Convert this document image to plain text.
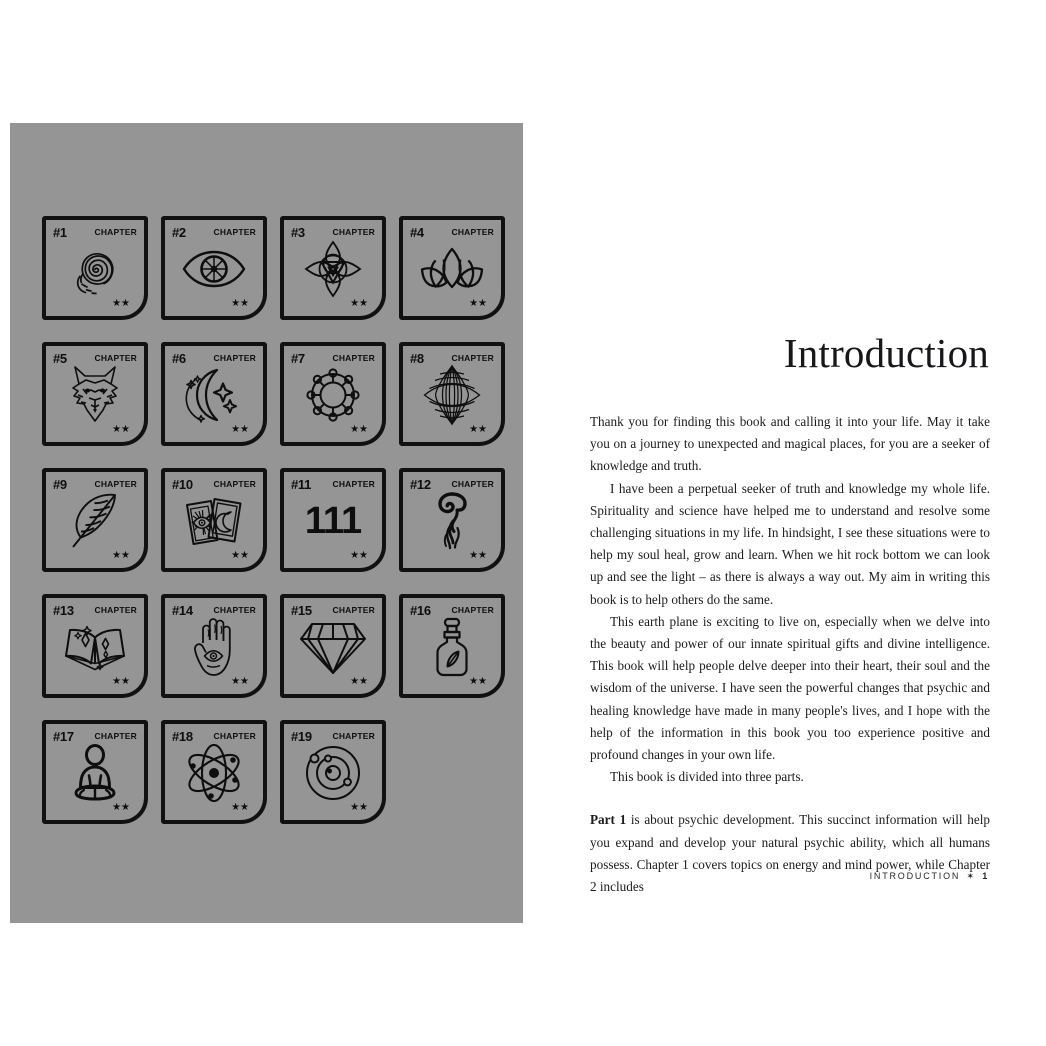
#1	CHAPTER
★★
#2	CHAPTER
★★
#3	CHAPTER
★★
#4	CHAPTER
★★
#5	CHAPTER
★★
#6	CHAPTER
★★
#7	CHAPTER
★★
#8	CHAPTER
★★
#9	CHAPTER
★★
#10 CHAPTER
★★
#11	CHAPTER
111
★★
#12 CHAPTER
★★
#13 CHAPTER
★★
#14 CHAPTER
★★
#15 CHAPTER
★★
#16 CHAPTER
★★
#17 CHAPTER
★★
#18 CHAPTER
★★
#19 CHAPTER
★★
Introduction

Thank you for finding this book and calling it into your life. May it take you on a journey to unexpected and magical places, for you are a seeker of knowledge and truth.

I have been a perpetual seeker of truth and knowledge my whole life. Spirituality and science have helped me to understand and resolve some challenging situations in my life. In hindsight, I see these situations were to help my soul heal, grow and learn. When we hit rock bottom we can look up and see the light – as there is always a way out. My aim in writing this book is to help others do the same.

This earth plane is exciting to live on, especially when we delve into the beauty and power of our innate spiritual gifts and divine intelligence. This book will help people delve deeper into their heart, their soul and the wisdom of the universe. I have seen the powerful changes that psychic and healing knowledge have made in many people's lives, and I hope with the help of the information in this book you too experience positive and profound changes in your own life.

This book is divided into three parts.

Part 1 is about psychic development. This succinct information will help you expand and develop your natural psychic ability, which all humans possess. Chapter 1 covers topics on energy and mind power, while Chapter 2 includes

INTRODUCTION ✶ 1
